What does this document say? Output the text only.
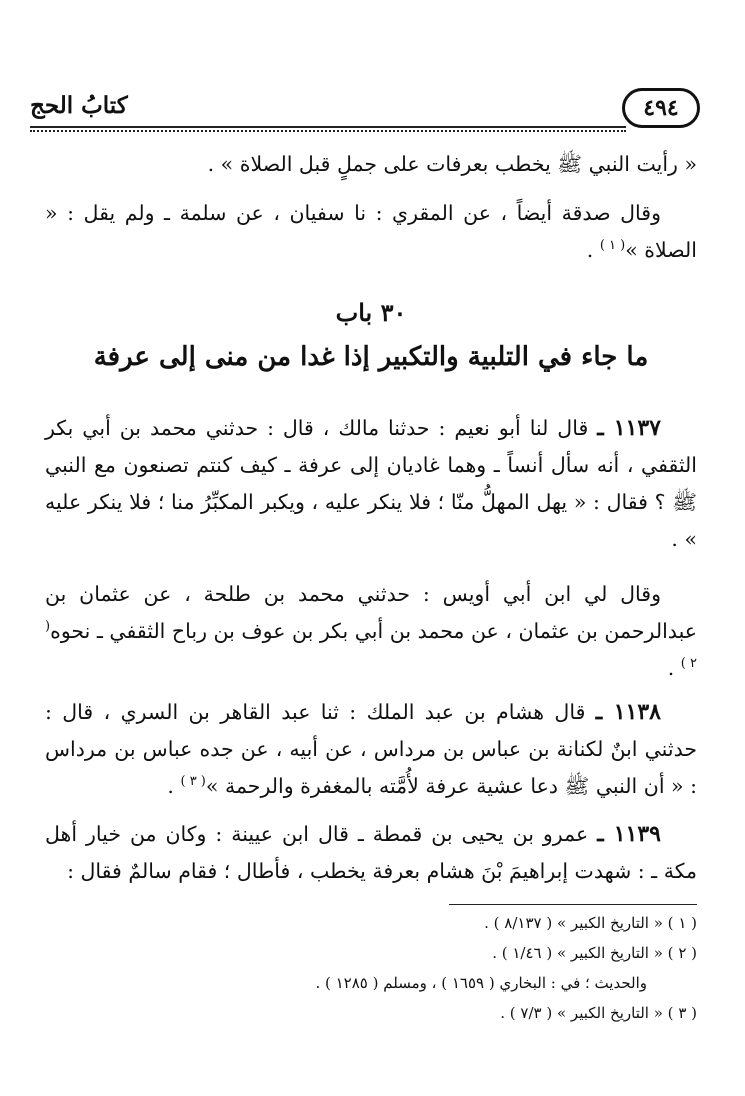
٤٩٤
كتابُ الحج

« رأيت النبي ﷺ يخطب بعرفات على جملٍ قبل الصلاة » .

وقال صدقة أيضاً ، عن المقري : نا سفيان ، عن سلمة ـ ولم يقل : « الصلاة »$^{( ١ )}$ .

٣٠ باب
ما جاء في التلبية والتكبير إذا غدا من منى إلى عرفة

١١٣٧ ـ قال لنا أبو نعيم : حدثنا مالك ، قال : حدثني محمد بن أبي بكر الثقفي ، أنه سأل أنساً ـ وهما غاديان إلى عرفة ـ كيف كنتم تصنعون مع النبي ﷺ ؟ فقال : « يهل المهلُّ منّا ؛ فلا ينكر عليه ، ويكبر المكبِّرُ منا ؛ فلا ينكر عليه » .

وقال لي ابن أبي أويس : حدثني محمد بن طلحة ، عن عثمان بن عبدالرحمن بن عثمان ، عن محمد بن أبي بكر بن عوف بن رباح الثقفي ـ نحوه$^{( ٢ )}$ .

١١٣٨ ـ قال هشام بن عبد الملك : ثنا عبد القاهر بن السري ، قال : حدثني ابنٌ لكنانة بن عباس بن مرداس ، عن أبيه ، عن جده عباس بن مرداس : « أن النبي ﷺ دعا عشية عرفة لأُمَّته بالمغفرة والرحمة »$^{( ٣ )}$ .

١١٣٩ ـ عمرو بن يحيى بن قمطة ـ قال ابن عيينة : وكان من خيار أهل مكة ـ : شهدت إبراهيمَ بْنَ هشام بعرفة يخطب ، فأطال ؛ فقام سالمٌ فقال :

( ١ ) « التاريخ الكبير » ( ٨/١٣٧ ) .

( ٢ ) « التاريخ الكبير » ( ١/٤٦ ) .

والحديث ؛ في : البخاري ( ١٦٥٩ ) ، ومسلم ( ١٢٨٥ ) .

( ٣ ) « التاريخ الكبير » ( ٧/٣ ) .
